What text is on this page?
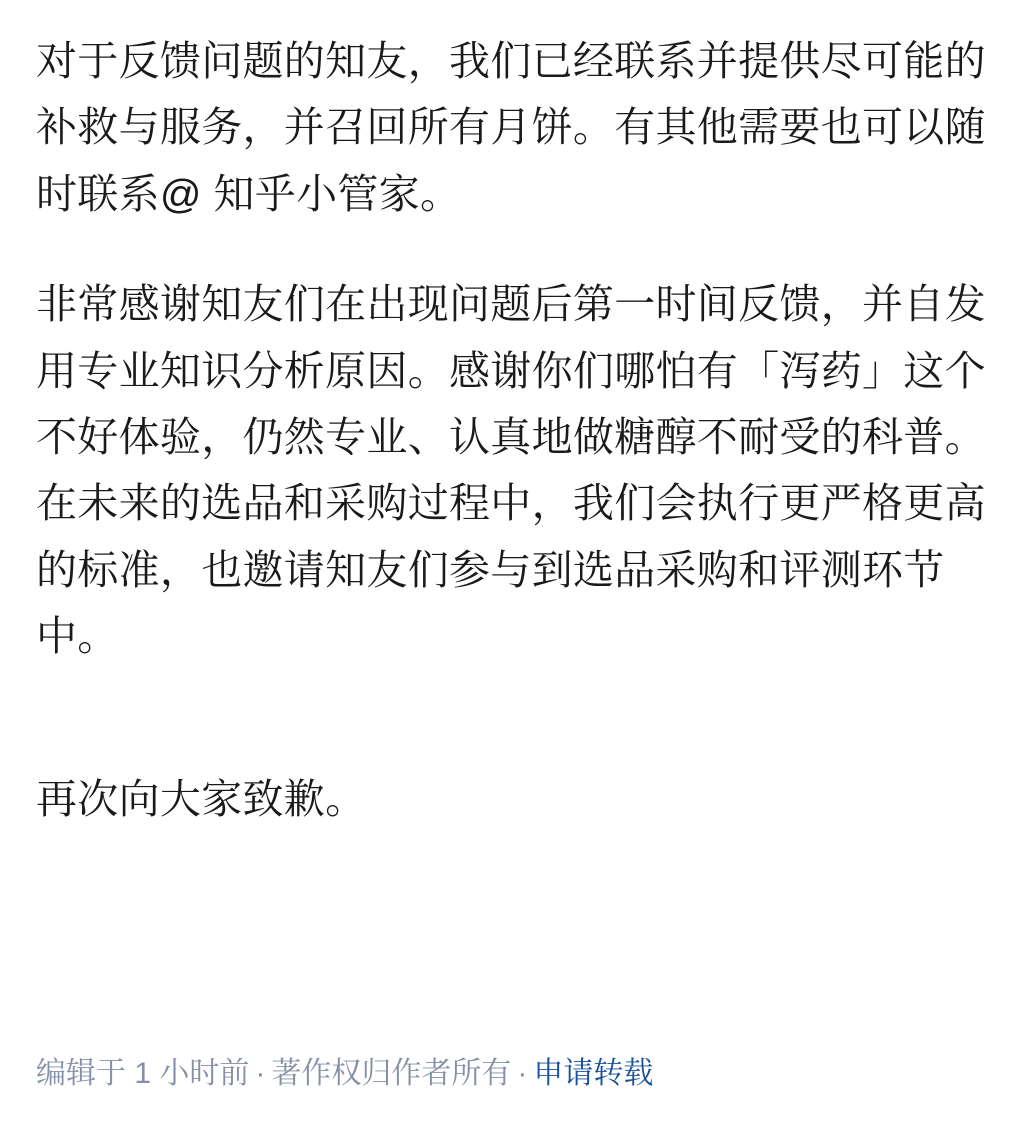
对于反馈问题的知友，我们已经联系并提供尽可能的补救与服务，并召回所有月饼。有其他需要也可以随时联系@ 知乎小管家。

非常感谢知友们在出现问题后第一时间反馈，并自发用专业知识分析原因。感谢你们哪怕有「泻药」这个不好体验，仍然专业、认真地做糖醇不耐受的科普。在未来的选品和采购过程中，我们会执行更严格更高的标准，也邀请知友们参与到选品采购和评测环节中。

再次向大家致歉。

编辑于 1 小时前 · 著作权归作者所有 · 申请转载
